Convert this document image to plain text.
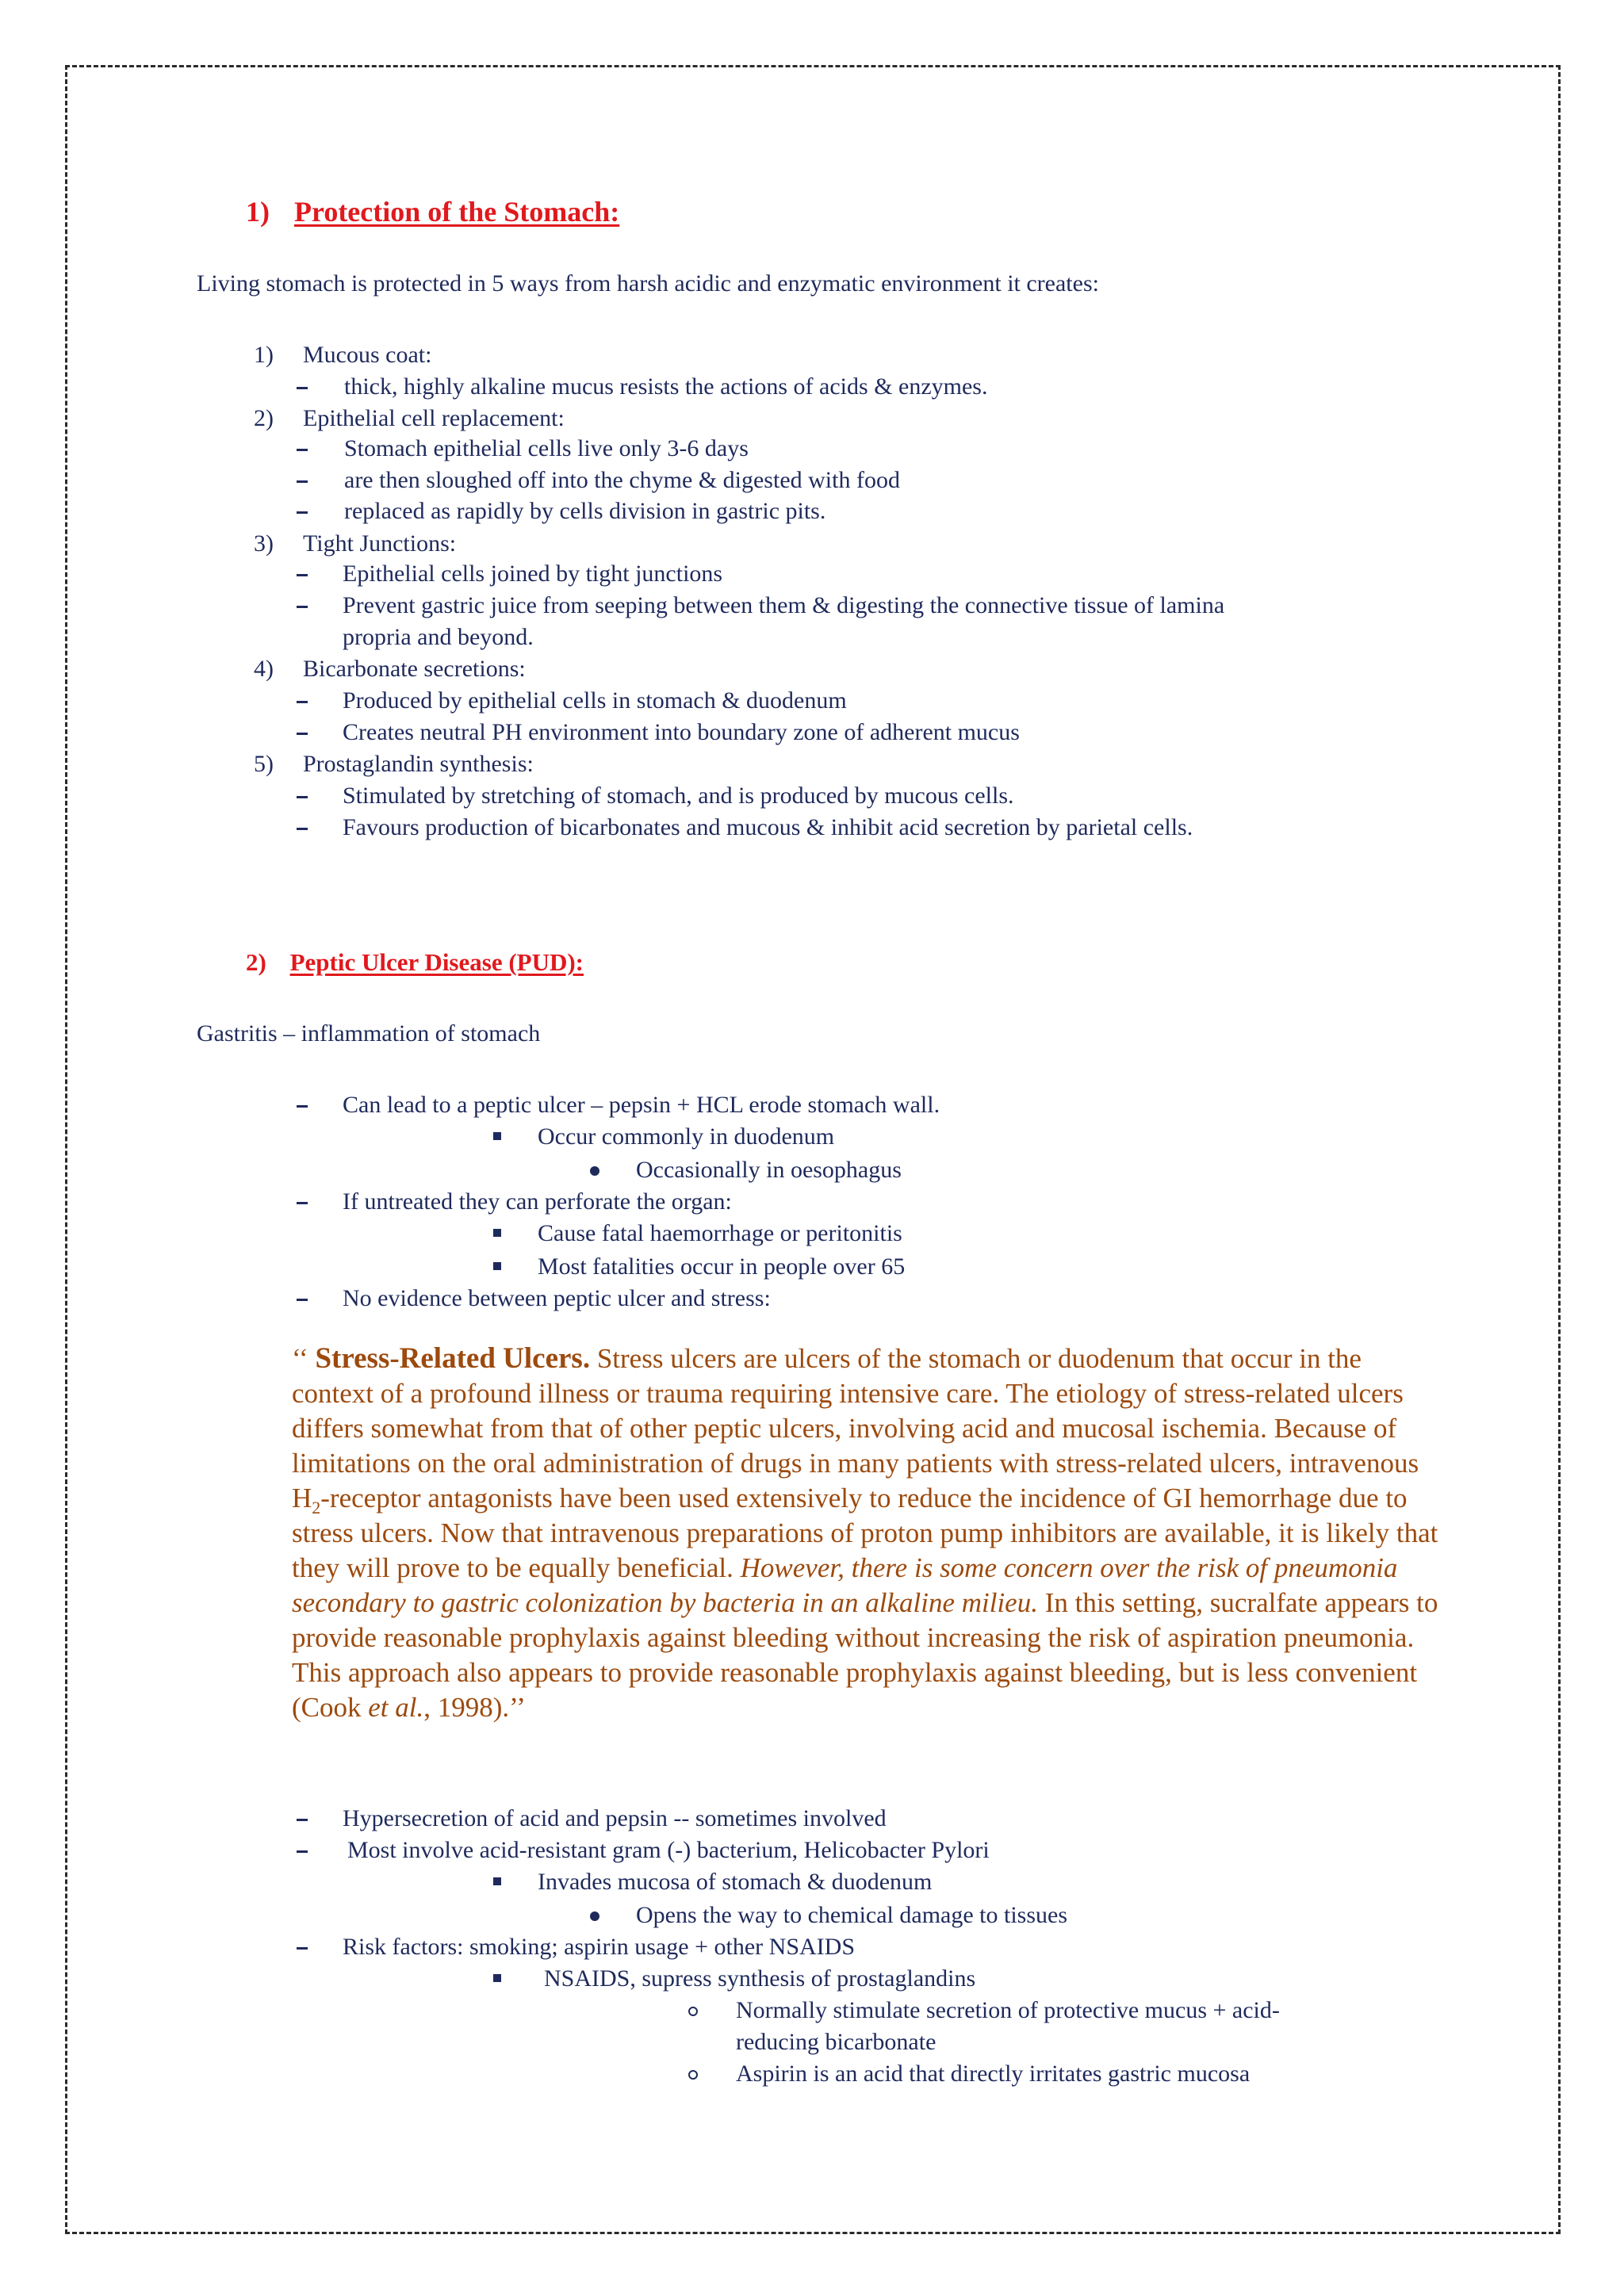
1) Protection of the Stomach:
Living stomach is protected in 5 ways from harsh acidic and enzymatic environment it creates:
1) Mucous coat:
thick, highly alkaline mucus resists the actions of acids & enzymes.
2) Epithelial cell replacement:
Stomach epithelial cells live only 3-6 days
are then sloughed off into the chyme & digested with food
replaced as rapidly by cells division in gastric pits.
3) Tight Junctions:
Epithelial cells joined by tight junctions
Prevent gastric juice from seeping between them & digesting the connective tissue of lamina
propria and beyond.
4) Bicarbonate secretions:
Produced by epithelial cells in stomach & duodenum
Creates neutral PH environment into boundary zone of adherent mucus
5) Prostaglandin synthesis:
Stimulated by stretching of stomach, and is produced by mucous cells.
Favours production of bicarbonates and mucous & inhibit acid secretion by parietal cells.
2) Peptic Ulcer Disease (PUD):
Gastritis – inflammation of stomach
Can lead to a peptic ulcer – pepsin + HCL erode stomach wall.
Occur commonly in duodenum
Occasionally in oesophagus
If untreated they can perforate the organ:
Cause fatal haemorrhage or peritonitis
Most fatalities occur in people over 65
No evidence between peptic ulcer and stress:
‘‘ Stress-Related Ulcers. Stress ulcers are ulcers of the stomach or duodenum that occur in the context of a profound illness or trauma requiring intensive care. The etiology of stress-related ulcers differs somewhat from that of other peptic ulcers, involving acid and mucosal ischemia. Because of limitations on the oral administration of drugs in many patients with stress-related ulcers, intravenous $H_2$-receptor antagonists have been used extensively to reduce the incidence of GI hemorrhage due to stress ulcers. Now that intravenous preparations of proton pump inhibitors are available, it is likely that they will prove to be equally beneficial. However, there is some concern over the risk of pneumonia secondary to gastric colonization by bacteria in an alkaline milieu. In this setting, sucralfate appears to provide reasonable prophylaxis against bleeding without increasing the risk of aspiration pneumonia. This approach also appears to provide reasonable prophylaxis against bleeding, but is less convenient (Cook et al., 1998).’’
Hypersecretion of acid and pepsin -- sometimes involved
Most involve acid-resistant gram (-) bacterium, Helicobacter Pylori
Invades mucosa of stomach & duodenum
Opens the way to chemical damage to tissues
Risk factors: smoking; aspirin usage + other NSAIDS
NSAIDS, supress synthesis of prostaglandins
Normally stimulate secretion of protective mucus + acid-
reducing bicarbonate
Aspirin is an acid that directly irritates gastric mucosa
